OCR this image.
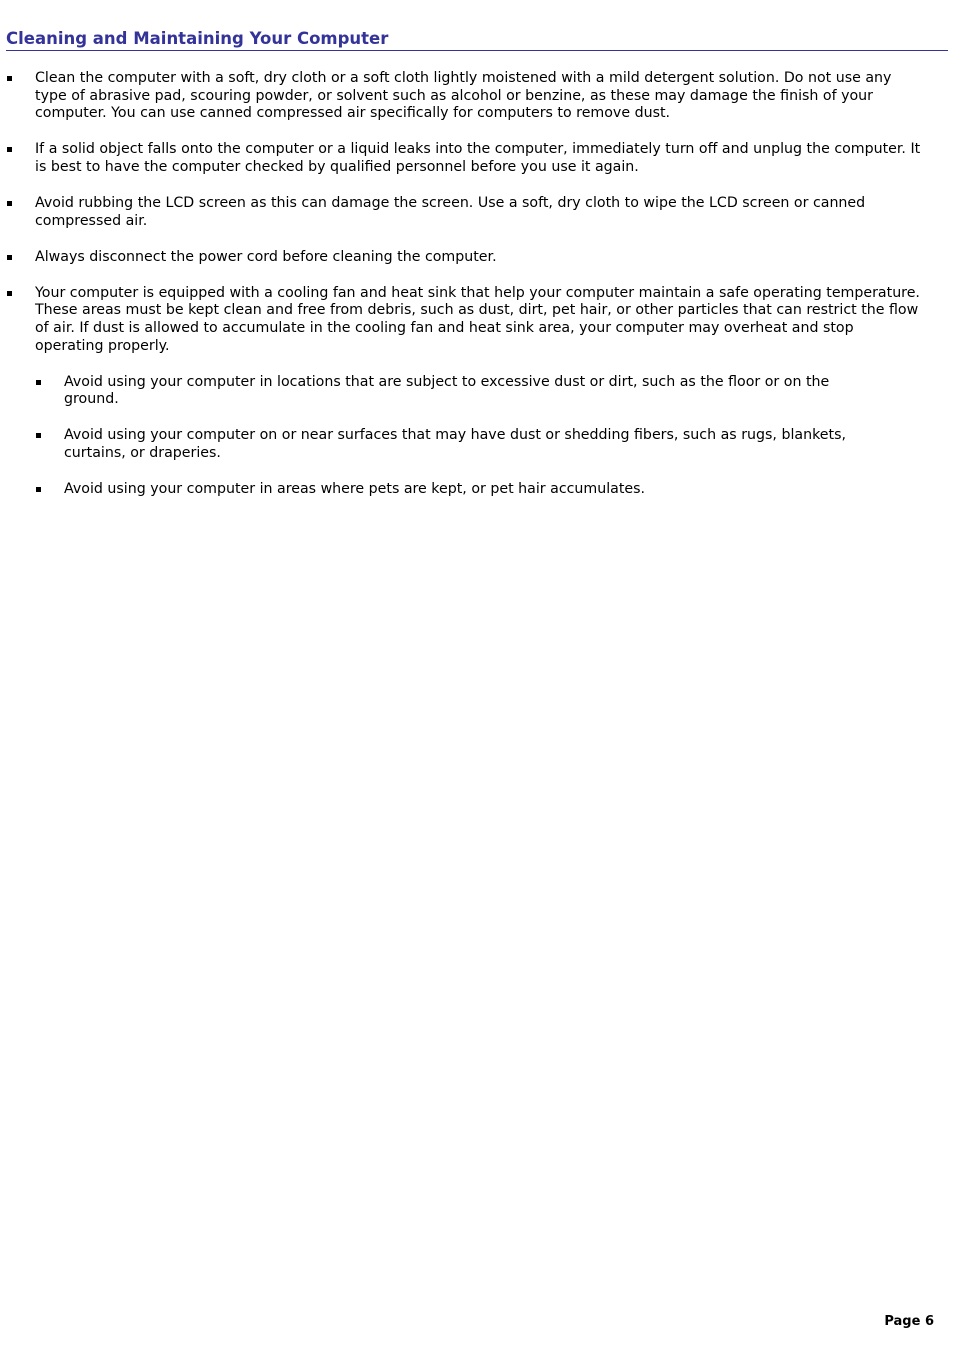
Cleaning and Maintaining Your Computer
Clean the computer with a soft, dry cloth or a soft cloth lightly moistened with a mild detergent solution. Do not use any type of abrasive pad, scouring powder, or solvent such as alcohol or benzine, as these may damage the finish of your computer. You can use canned compressed air specifically for computers to remove dust.
If a solid object falls onto the computer or a liquid leaks into the computer, immediately turn off and unplug the computer. It is best to have the computer checked by qualified personnel before you use it again.
Avoid rubbing the LCD screen as this can damage the screen. Use a soft, dry cloth to wipe the LCD screen or canned compressed air.
Always disconnect the power cord before cleaning the computer.
Your computer is equipped with a cooling fan and heat sink that help your computer maintain a safe operating temperature. These areas must be kept clean and free from debris, such as dust, dirt, pet hair, or other particles that can restrict the flow of air. If dust is allowed to accumulate in the cooling fan and heat sink area, your computer may overheat and stop operating properly.
Avoid using your computer in locations that are subject to excessive dust or dirt, such as the floor or on the ground.
Avoid using your computer on or near surfaces that may have dust or shedding fibers, such as rugs, blankets, curtains, or draperies.
Avoid using your computer in areas where pets are kept, or pet hair accumulates.
Page 6
